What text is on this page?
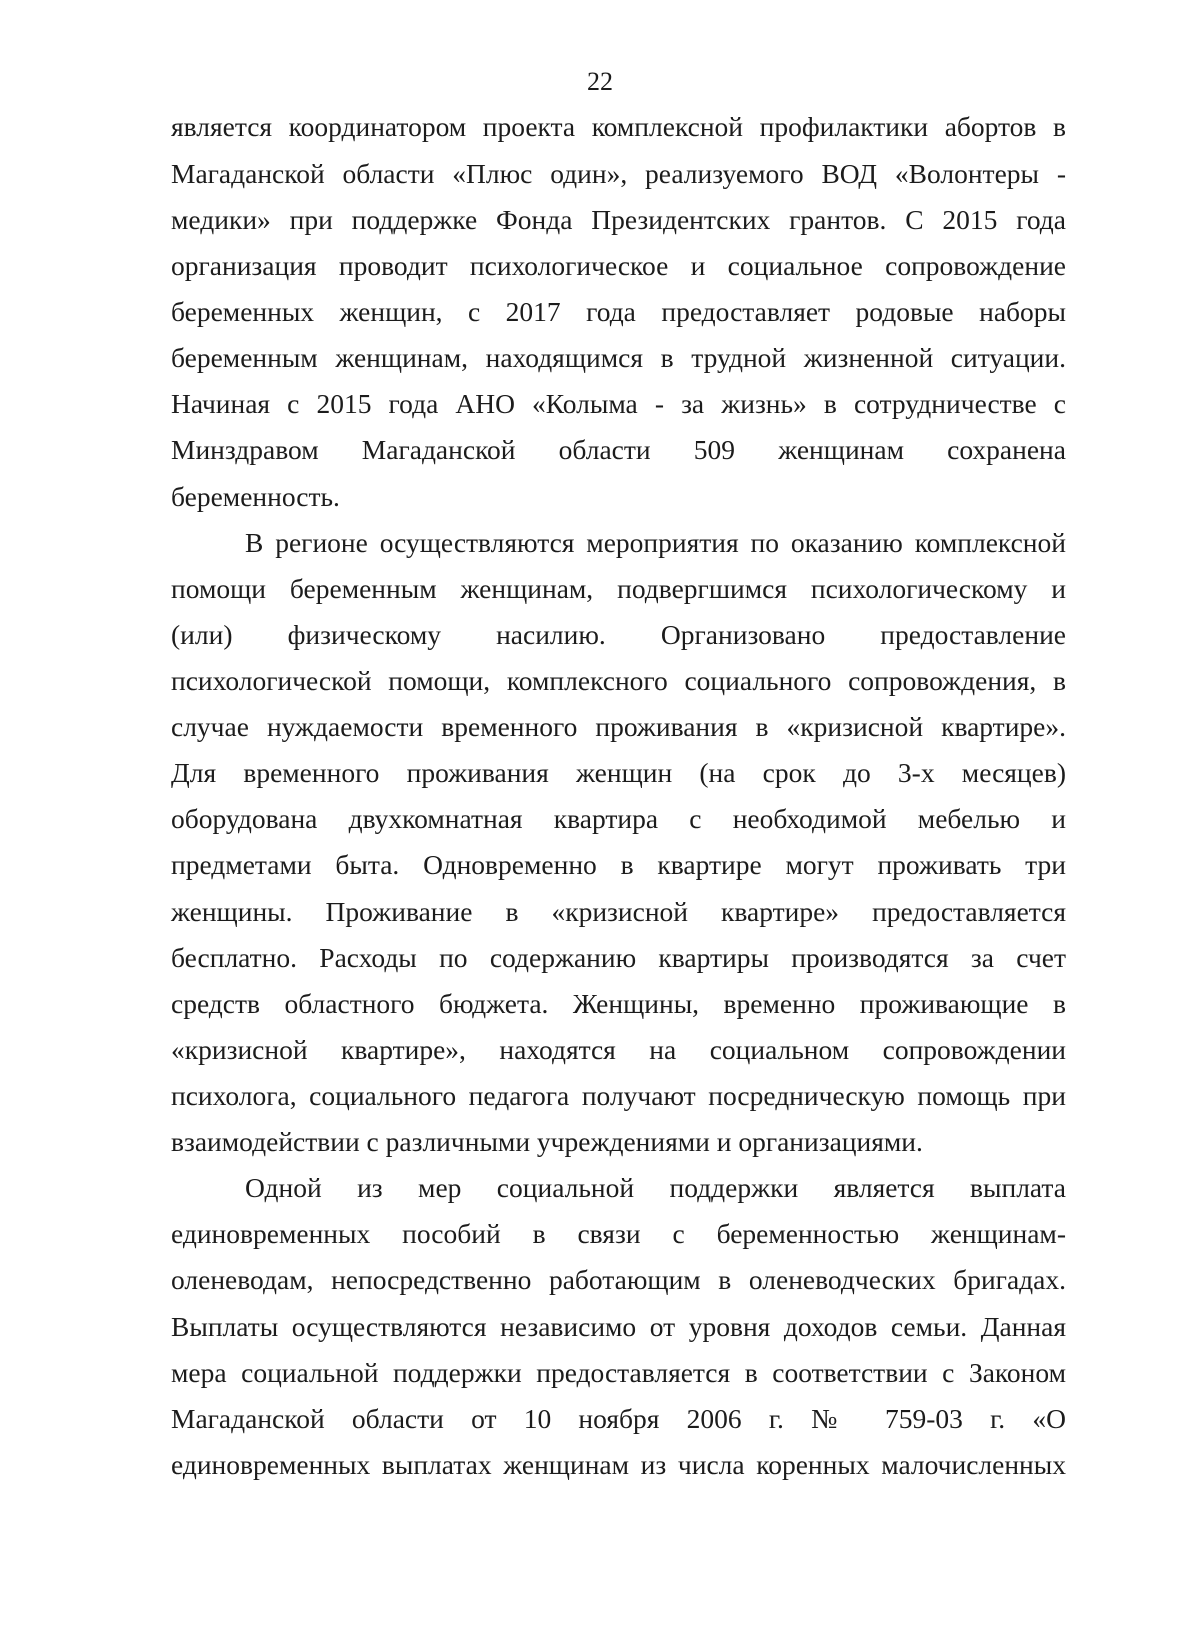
22
является координатором проекта комплексной профилактики абортов в
Магаданской области «Плюс один», реализуемого ВОД «Волонтеры -
медики» при поддержке Фонда Президентских грантов. С 2015 года
организация проводит психологическое и социальное сопровождение
беременных женщин, с 2017 года предоставляет родовые наборы
беременным женщинам, находящимся в трудной жизненной ситуации.
Начиная с 2015 года АНО «Колыма - за жизнь» в сотрудничестве с
Минздравом Магаданской области 509 женщинам сохранена
беременность.
В регионе осуществляются мероприятия по оказанию комплексной
помощи беременным женщинам, подвергшимся психологическому и
(или) физическому насилию. Организовано предоставление
психологической помощи, комплексного социального сопровождения, в
случае нуждаемости временного проживания в «кризисной квартире».
Для временного проживания женщин (на срок до 3-х месяцев)
оборудована двухкомнатная квартира с необходимой мебелью и
предметами быта. Одновременно в квартире могут проживать три
женщины. Проживание в «кризисной квартире» предоставляется
бесплатно. Расходы по содержанию квартиры производятся за счет
средств областного бюджета. Женщины, временно проживающие в
«кризисной квартире», находятся на социальном сопровождении
психолога, социального педагога получают посредническую помощь при
взаимодействии с различными учреждениями и организациями.
Одной из мер социальной поддержки является выплата
единовременных пособий в связи с беременностью женщинам-
оленеводам, непосредственно работающим в оленеводческих бригадах.
Выплаты осуществляются независимо от уровня доходов семьи. Данная
мера социальной поддержки предоставляется в соответствии с Законом
Магаданской области от 10 ноября 2006 г. № 759-03 г. «О
единовременных выплатах женщинам из числа коренных малочисленных
